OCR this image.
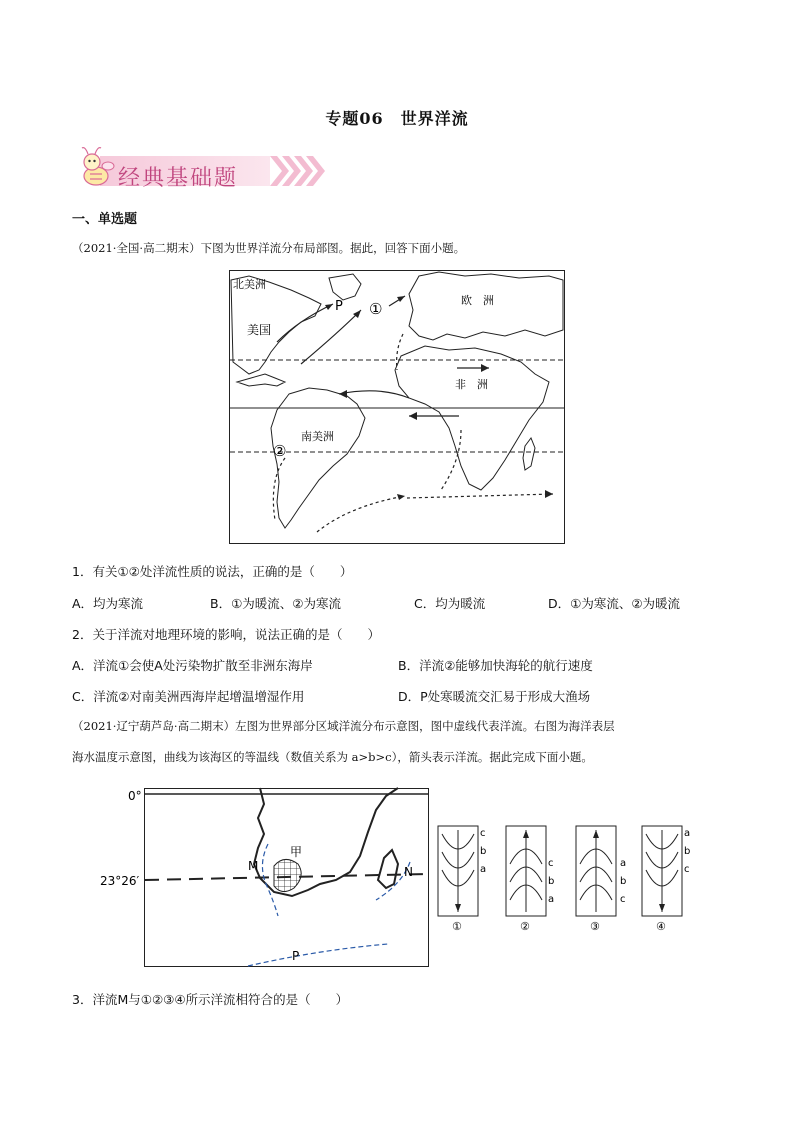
专题06　世界洋流
经典基础题
一、单选题
（2021·全国·高二期末）下图为世界洋流分布局部图。据此，回答下面小题。
北美洲
美国
欧　洲
非　洲
南美洲
P ①
②
1．有关①②处洋流性质的说法，正确的是（　　）
A．均为寒流	B．①为暖流、②为寒流	C．均为暖流	D．①为寒流、②为暖流
2．关于洋流对地理环境的影响，说法正确的是（　　）
A．洋流①会使A处污染物扩散至非洲东海岸	B．洋流②能够加快海轮的航行速度
C．洋流②对南美洲西海岸起增温增湿作用	D．P处寒暖流交汇易于形成大渔场
（2021·辽宁葫芦岛·高二期末）左图为世界部分区域洋流分布示意图，图中虚线代表洋流。右图为海洋表层
海水温度示意图，曲线为该海区的等温线（数值关系为 a>b>c），箭头表示洋流。据此完成下面小题。
0°
甲
23°26′
M	N
P
c
b
a
①
c
b
a
②
a
b
c
③
a
b
c
④
3．洋流M与①②③④所示洋流相符合的是（　　）
